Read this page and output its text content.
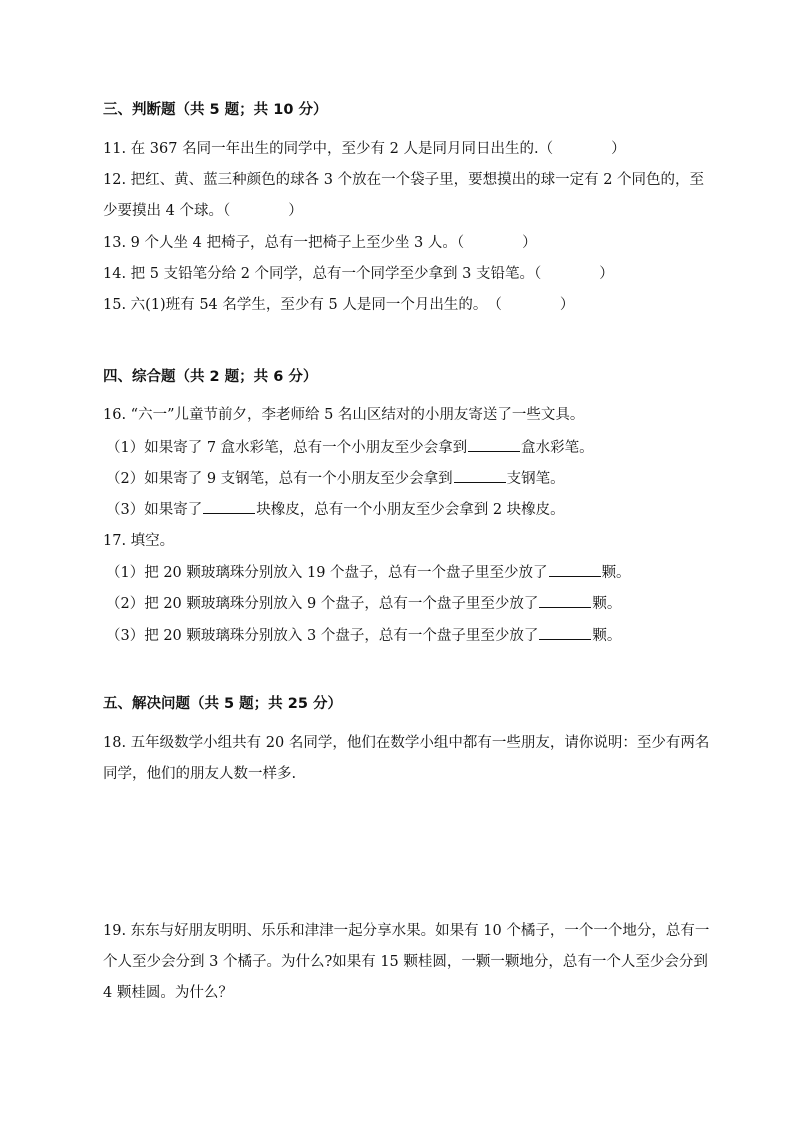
三、判断题（共 5 题；共 10 分）
11. 在 367 名同一年出生的同学中，至少有 2 人是同月同日出生的.（　　　　）
12. 把红、黄、蓝三种颜色的球各 3 个放在一个袋子里，要想摸出的球一定有 2 个同色的，至
少要摸出 4 个球。（　　　　）
13. 9 个人坐 4 把椅子，总有一把椅子上至少坐 3 人。（　　　　）
14. 把 5 支铅笔分给 2 个同学，总有一个同学至少拿到 3 支铅笔。（　　　　）
15. 六(1)班有 54 名学生，至少有 5 人是同一个月出生的。　（　　　　）
四、综合题（共 2 题；共 6 分）
16. “六一”儿童节前夕，李老师给 5 名山区结对的小朋友寄送了一些文具。
（1）如果寄了 7 盒水彩笔，总有一个小朋友至少会拿到	盒水彩笔。
（2）如果寄了 9 支钢笔，总有一个小朋友至少会拿到	支钢笔。
（3）如果寄了	块橡皮，总有一个小朋友至少会拿到 2 块橡皮。
17. 填空。
（1）把 20 颗玻璃珠分别放入 19 个盘子，总有一个盘子里至少放了	颗。
（2）把 20 颗玻璃珠分别放入 9 个盘子，总有一个盘子里至少放了	颗。
（3）把 20 颗玻璃珠分别放入 3 个盘子，总有一个盘子里至少放了	颗。
五、解决问题（共 5 题；共 25 分）
18. 五年级数学小组共有 20 名同学，他们在数学小组中都有一些朋友，请你说明：至少有两名
同学，他们的朋友人数一样多.
19. 东东与好朋友明明、乐乐和津津一起分享水果。如果有 10 个橘子，一个一个地分，总有一
个人至少会分到 3 个橘子。为什么?如果有 15 颗桂圆，一颗一颗地分，总有一个人至少会分到
4 颗桂圆。为什么？
